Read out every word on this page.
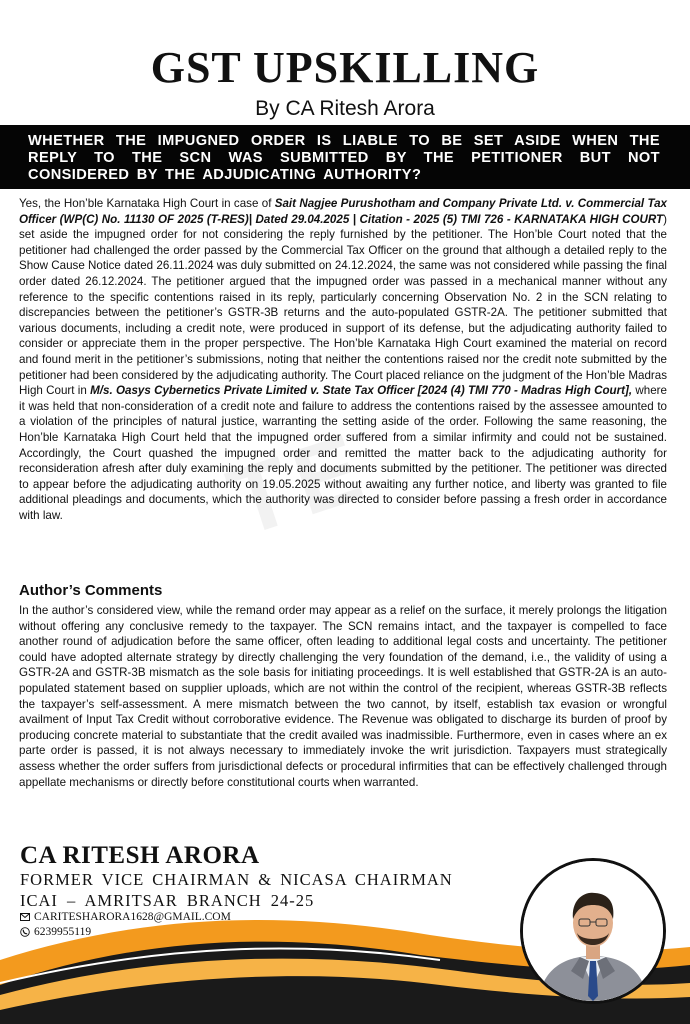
TE
GST UPSKILLING
By CA Ritesh Arora

WHETHER THE IMPUGNED ORDER IS LIABLE TO BE SET ASIDE WHEN THE REPLY TO THE SCN WAS SUBMITTED BY THE PETITIONER BUT NOT CONSIDERED BY THE ADJUDICATING AUTHORITY?

Yes, the Hon’ble Karnataka High Court in case of Sait Nagjee Purushotham and Company Private Ltd. v. Commercial Tax Officer (WP(C) No. 11130 OF 2025 (T-RES)| Dated 29.04.2025 | Citation - 2025 (5) TMI 726 - KARNATAKA HIGH COURT) set aside the impugned order for not considering the reply furnished by the petitioner. The Hon’ble Court noted that the petitioner had challenged the order passed by the Commercial Tax Officer on the ground that although a detailed reply to the Show Cause Notice dated 26.11.2024 was duly submitted on 24.12.2024, the same was not considered while passing the final order dated 26.12.2024. The petitioner argued that the impugned order was passed in a mechanical manner without any reference to the specific contentions raised in its reply, particularly concerning Observation No. 2 in the SCN relating to discrepancies between the petitioner’s GSTR-3B returns and the auto-populated GSTR-2A. The petitioner submitted that various documents, including a credit note, were produced in support of its defense, but the adjudicating authority failed to consider or appreciate them in the proper perspective. The Hon’ble Karnataka High Court examined the material on record and found merit in the petitioner’s submissions, noting that neither the contentions raised nor the credit note submitted by the petitioner had been considered by the adjudicating authority. The Court placed reliance on the judgment of the Hon’ble Madras High Court in M/s. Oasys Cybernetics Private Limited v. State Tax Officer [2024 (4) TMI 770 - Madras High Court], where it was held that non-consideration of a credit note and failure to address the contentions raised by the assessee amounted to a violation of the principles of natural justice, warranting the setting aside of the order. Following the same reasoning, the Hon’ble Karnataka High Court held that the impugned order suffered from a similar infirmity and could not be sustained. Accordingly, the Court quashed the impugned order and remitted the matter back to the adjudicating authority for reconsideration afresh after duly examining the reply and documents submitted by the petitioner. The petitioner was directed to appear before the adjudicating authority on 19.05.2025 without awaiting any further notice, and liberty was granted to file additional pleadings and documents, which the authority was directed to consider before passing a fresh order in accordance with law.

Author’s Comments

In the author’s considered view, while the remand order may appear as a relief on the surface, it merely prolongs the litigation without offering any conclusive remedy to the taxpayer. The SCN remains intact, and the taxpayer is compelled to face another round of adjudication before the same officer, often leading to additional legal costs and uncertainty. The petitioner could have adopted alternate strategy by directly challenging the very foundation of the demand, i.e., the validity of using a GSTR-2A and GSTR-3B mismatch as the sole basis for initiating proceedings. It is well established that GSTR-2A is an auto-populated statement based on supplier uploads, which are not within the control of the recipient, whereas GSTR-3B reflects the taxpayer’s self-assessment. A mere mismatch between the two cannot, by itself, establish tax evasion or wrongful availment of Input Tax Credit without corroborative evidence. The Revenue was obligated to discharge its burden of proof by producing concrete material to substantiate that the credit availed was inadmissible. Furthermore, even in cases where an ex parte order is passed, it is not always necessary to immediately invoke the writ jurisdiction. Taxpayers must strategically assess whether the order suffers from jurisdictional defects or procedural infirmities that can be effectively challenged through appellate mechanisms or directly before constitutional courts when warranted.

CA RITESH ARORA
FORMER VICE CHAIRMAN & NICASA CHAIRMAN
ICAI – AMRITSAR BRANCH 24-25
CARITESHARORA1628@GMAIL.COM
6239955119
